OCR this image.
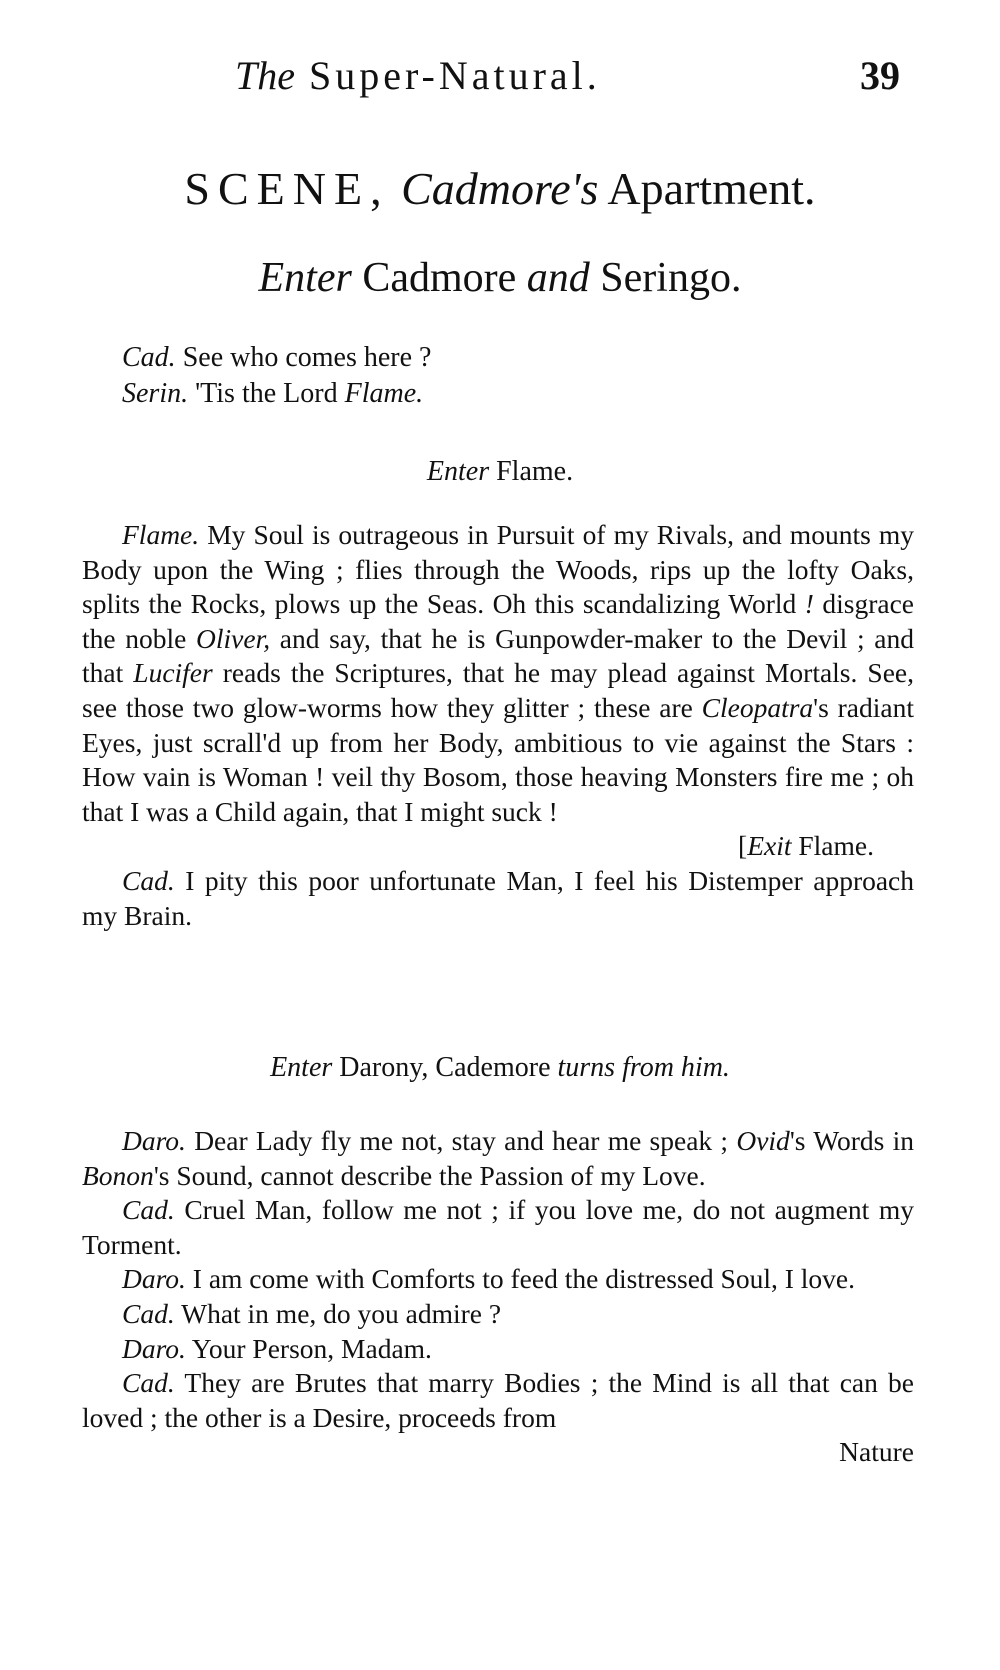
The Super-Natural.	39
SCENE, Cadmore's Apartment.
Enter Cadmore and Seringo.
Cad. See who comes here ?
Serin. 'Tis the Lord Flame.
Enter Flame.

Flame. My Soul is outrageous in Pursuit of my Rivals, and mounts my Body upon the Wing ; flies through the Woods, rips up the lofty Oaks, splits the Rocks, plows up the Seas. Oh this scandalizing World ! disgrace the noble Oliver, and say, that he is Gunpowder-maker to the Devil ; and that Lucifer reads the Scriptures, that he may plead against Mortals. See, see those two glow-worms how they glitter ; these are Cleopatra's radiant Eyes, just scrall'd up from her Body, ambitious to vie against the Stars : How vain is Woman ! veil thy Bosom, those heaving Monsters fire me ; oh that I was a Child again, that I might suck !

[Exit Flame.

Cad. I pity this poor unfortunate Man, I feel his Distemper approach my Brain.

Enter Darony, Cademore turns from him.

Daro. Dear Lady fly me not, stay and hear me speak ; Ovid's Words in Bonon's Sound, cannot describe the Passion of my Love.

Cad. Cruel Man, follow me not ; if you love me, do not augment my Torment.

Daro. I am come with Comforts to feed the distressed Soul, I love.

Cad. What in me, do you admire ?

Daro. Your Person, Madam.

Cad. They are Brutes that marry Bodies ; the Mind is all that can be loved ; the other is a Desire, proceeds from

Nature
